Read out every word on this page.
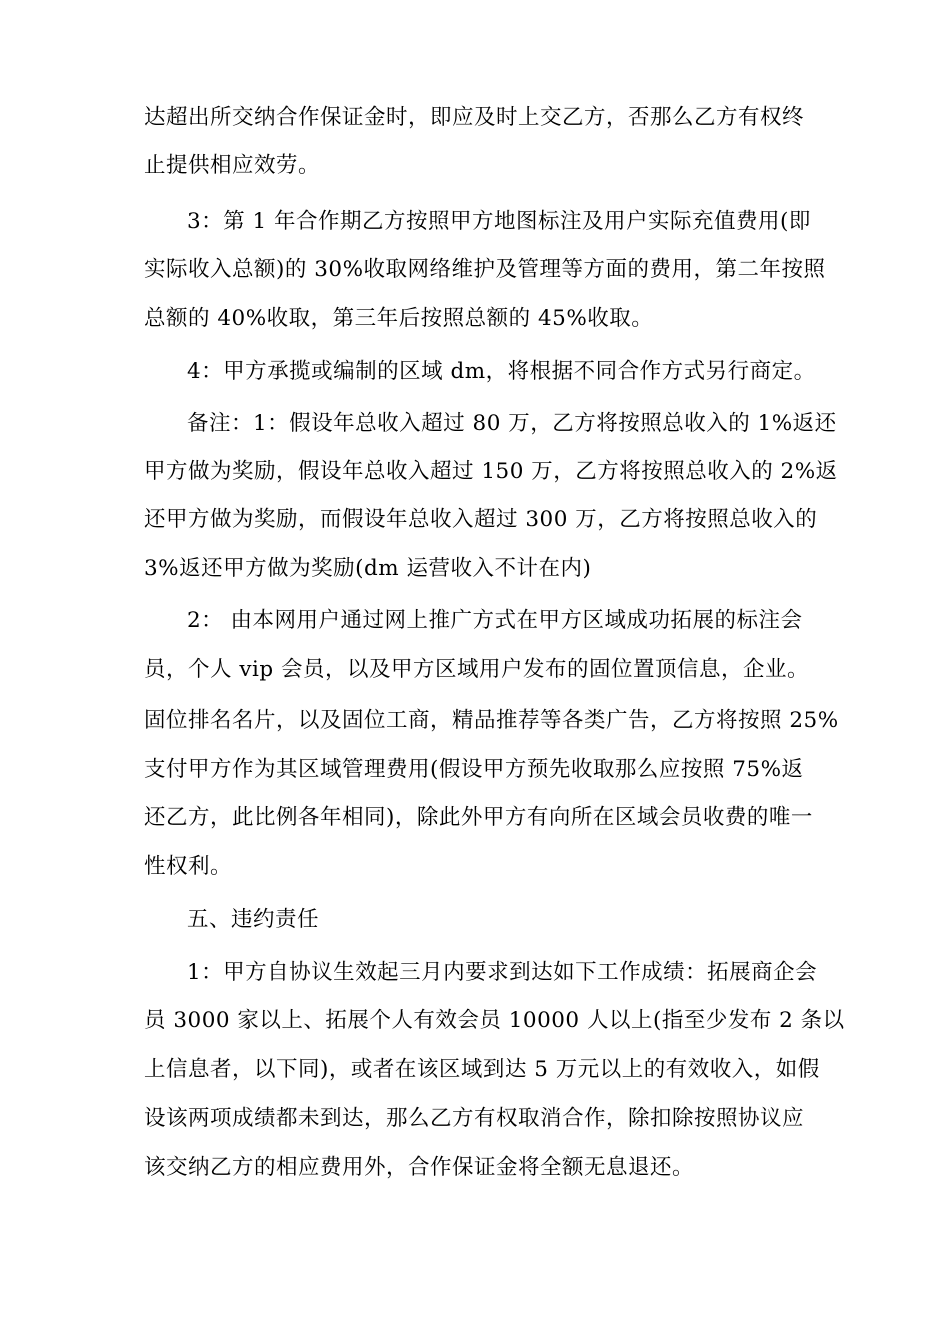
达超出所交纳合作保证金时，即应及时上交乙方，否那么乙方有权终
止提供相应效劳。
3：第 1 年合作期乙方按照甲方地图标注及用户实际充值费用(即
实际收入总额)的 30%收取网络维护及管理等方面的费用，第二年按照
总额的 40%收取，第三年后按照总额的 45%收取。
4：甲方承揽或编制的区域 dm，将根据不同合作方式另行商定。
备注：1：假设年总收入超过 80 万，乙方将按照总收入的 1%返还
甲方做为奖励，假设年总收入超过 150 万，乙方将按照总收入的 2%返
还甲方做为奖励，而假设年总收入超过 300 万，乙方将按照总收入的
3%返还甲方做为奖励(dm 运营收入不计在内)
2： 由本网用户通过网上推广方式在甲方区域成功拓展的标注会
员，个人 vip 会员，以及甲方区域用户发布的固位置顶信息，企业。
固位排名名片，以及固位工商，精品推荐等各类广告，乙方将按照 25%
支付甲方作为其区域管理费用(假设甲方预先收取那么应按照 75%返
还乙方，此比例各年相同)，除此外甲方有向所在区域会员收费的唯一
性权利。
五、违约责任
1：甲方自协议生效起三月内要求到达如下工作成绩：拓展商企会
员 3000 家以上、拓展个人有效会员 10000 人以上(指至少发布 2 条以
上信息者，以下同)，或者在该区域到达 5 万元以上的有效收入，如假
设该两项成绩都未到达，那么乙方有权取消合作，除扣除按照协议应
该交纳乙方的相应费用外，合作保证金将全额无息退还。
